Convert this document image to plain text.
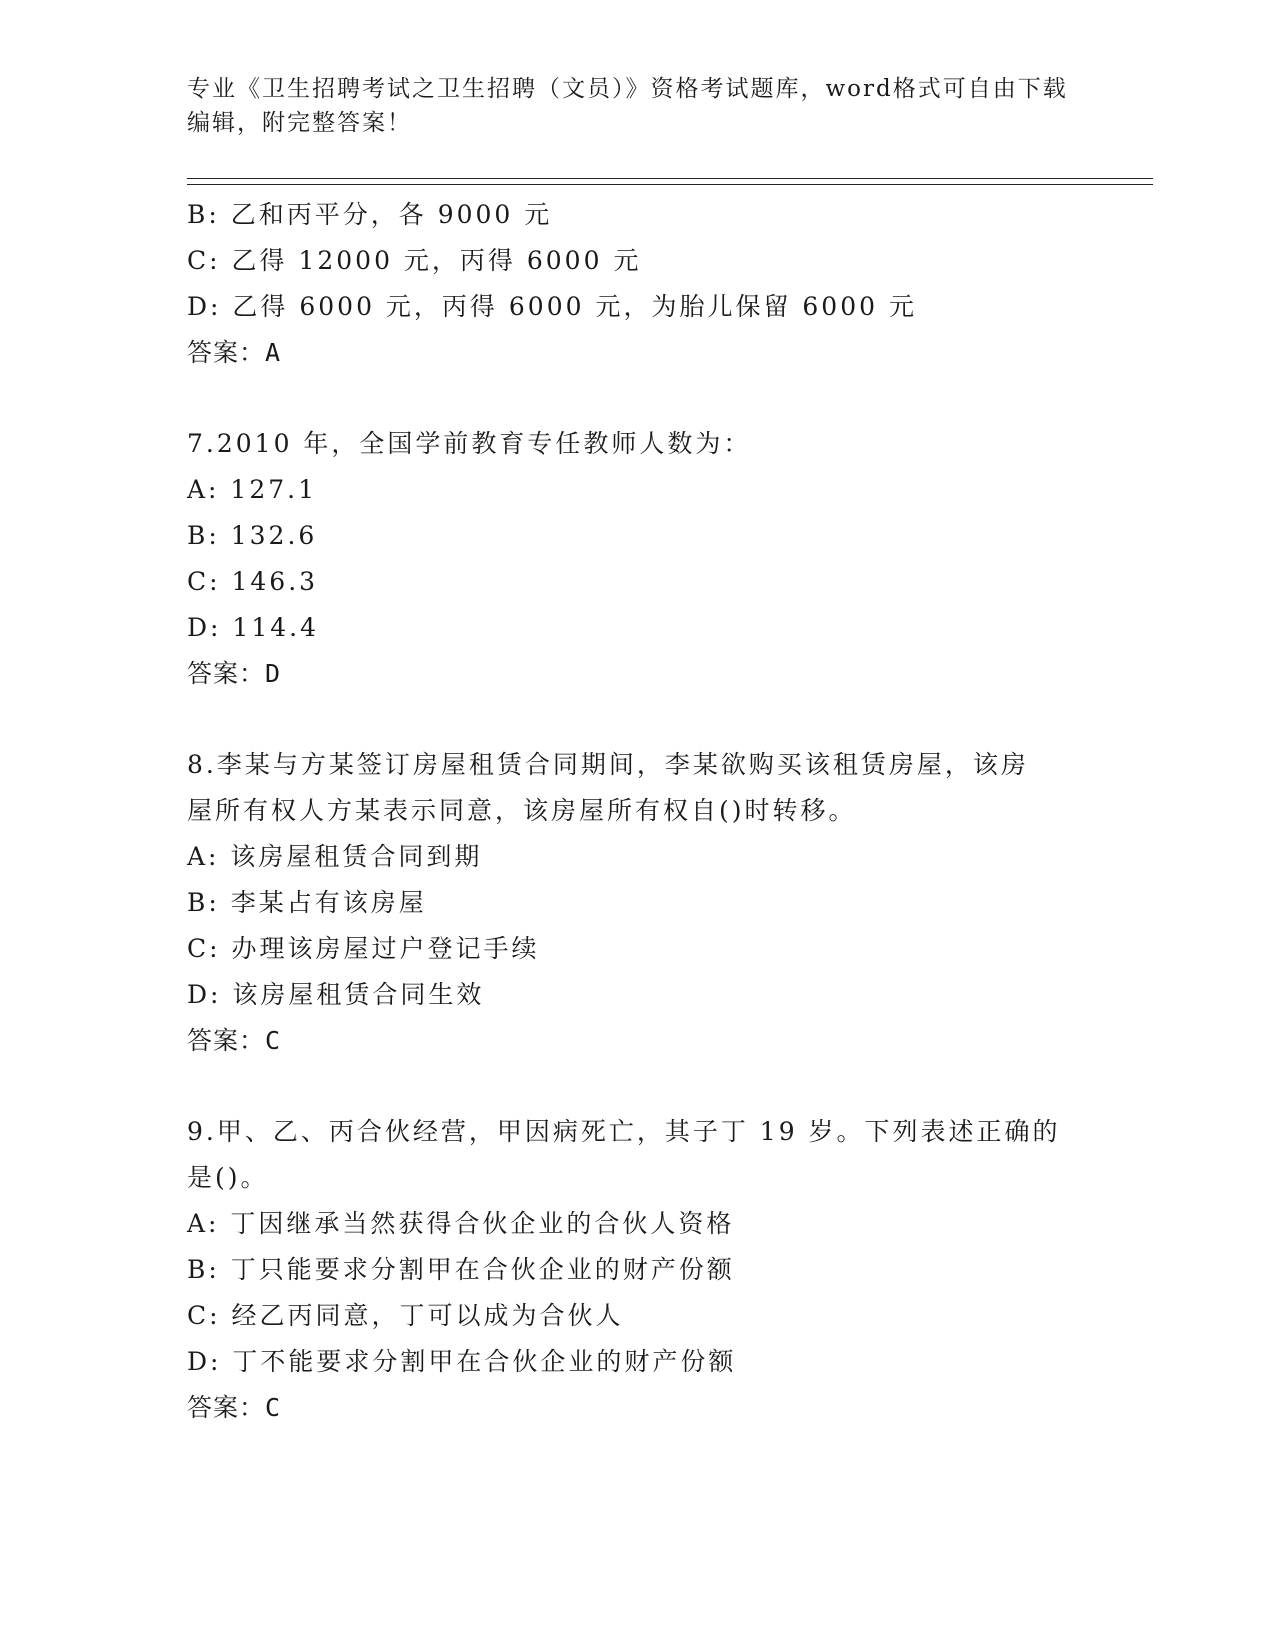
专业《卫生招聘考试之卫生招聘（文员）》资格考试题库，word格式可自由下载
编辑，附完整答案！
B: 乙和丙平分，各 9000 元
C: 乙得 12000 元，丙得 6000 元
D: 乙得 6000 元，丙得 6000 元，为胎儿保留 6000 元
答案：A
7.2010 年，全国学前教育专任教师人数为：
A: 127.1
B: 132.6
C: 146.3
D: 114.4
答案：D
8.李某与方某签订房屋租赁合同期间，李某欲购买该租赁房屋，该房
屋所有权人方某表示同意，该房屋所有权自()时转移。
A: 该房屋租赁合同到期
B: 李某占有该房屋
C: 办理该房屋过户登记手续
D: 该房屋租赁合同生效
答案：C
9.甲、乙、丙合伙经营，甲因病死亡，其子丁 19 岁。下列表述正确的
是()。
A: 丁因继承当然获得合伙企业的合伙人资格
B: 丁只能要求分割甲在合伙企业的财产份额
C: 经乙丙同意，丁可以成为合伙人
D: 丁不能要求分割甲在合伙企业的财产份额
答案：C
